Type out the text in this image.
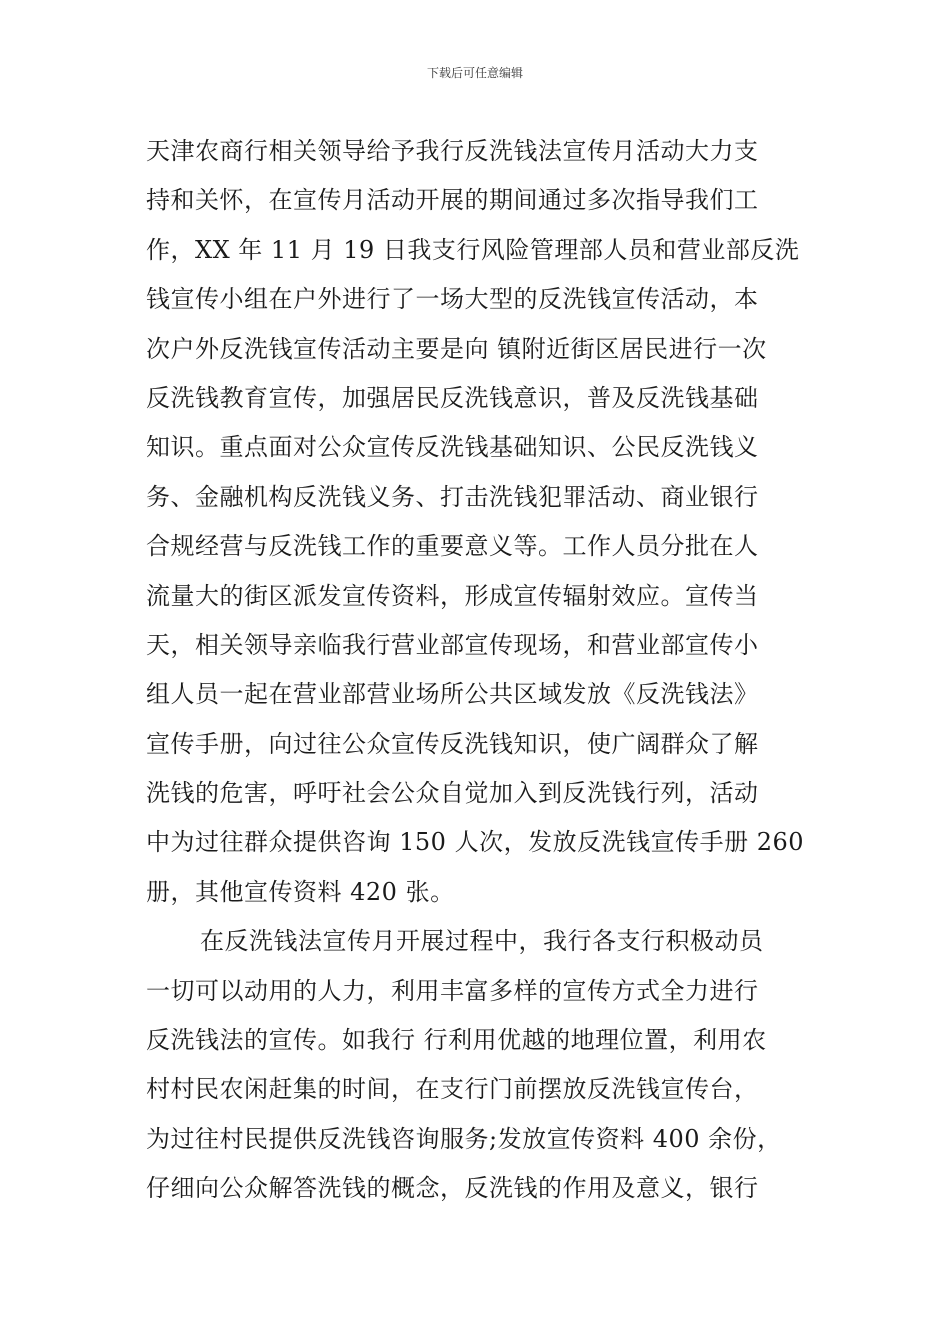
下载后可任意编辑
天津农商行相关领导给予我行反洗钱法宣传月活动大力支
持和关怀，在宣传月活动开展的期间通过多次指导我们工
作，XX 年 11 月 19 日我支行风险管理部人员和营业部反洗
钱宣传小组在户外进行了一场大型的反洗钱宣传活动，本
次户外反洗钱宣传活动主要是向 镇附近街区居民进行一次
反洗钱教育宣传，加强居民反洗钱意识，普及反洗钱基础
知识。重点面对公众宣传反洗钱基础知识、公民反洗钱义
务、金融机构反洗钱义务、打击洗钱犯罪活动、商业银行
合规经营与反洗钱工作的重要意义等。工作人员分批在人
流量大的街区派发宣传资料，形成宣传辐射效应。宣传当
天，相关领导亲临我行营业部宣传现场，和营业部宣传小
组人员一起在营业部营业场所公共区域发放《反洗钱法》
宣传手册，向过往公众宣传反洗钱知识，使广阔群众了解
洗钱的危害，呼吁社会公众自觉加入到反洗钱行列，活动
中为过往群众提供咨询 150 人次，发放反洗钱宣传手册 260
册，其他宣传资料 420 张。
在反洗钱法宣传月开展过程中，我行各支行积极动员
一切可以动用的人力，利用丰富多样的宣传方式全力进行
反洗钱法的宣传。如我行 行利用优越的地理位置，利用农
村村民农闲赶集的时间，在支行门前摆放反洗钱宣传台，
为过往村民提供反洗钱咨询服务;发放宣传资料 400 余份，
仔细向公众解答洗钱的概念，反洗钱的作用及意义，银行
